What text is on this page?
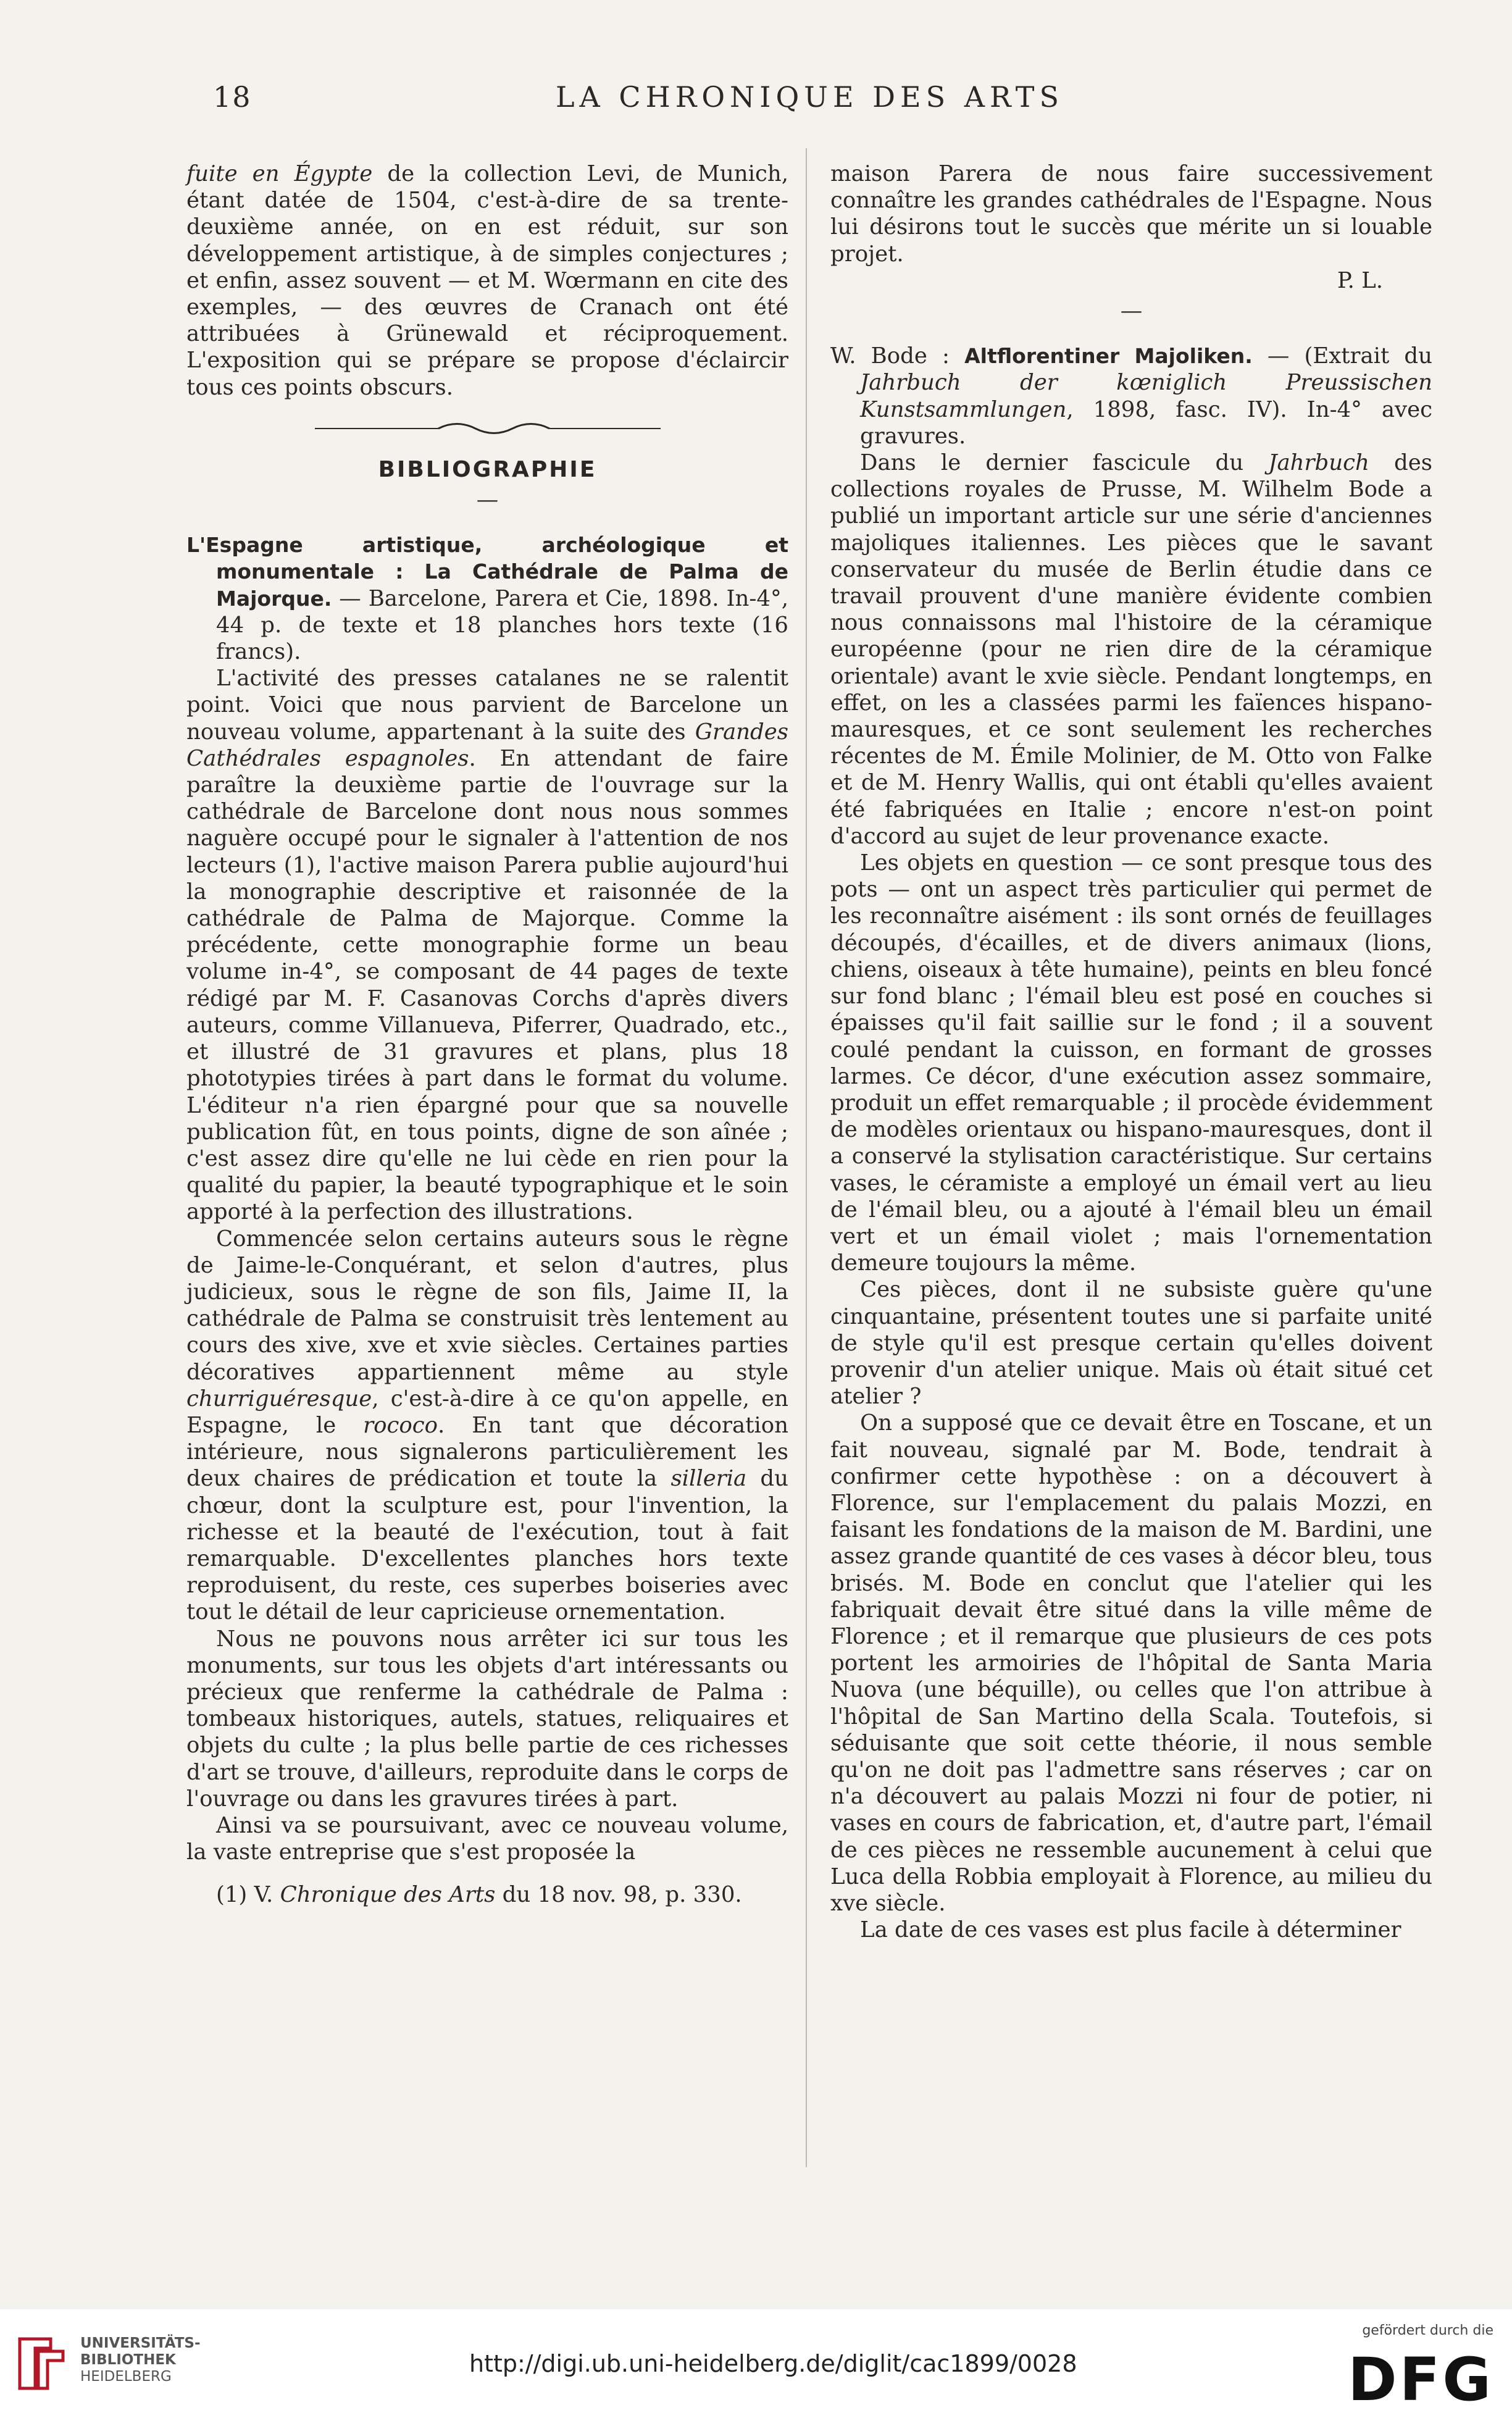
18	LA CHRONIQUE DES ARTS

fuite en Égypte de la collection Levi, de Munich, étant datée de 1504, c'est-à-dire de sa trente-deuxième année, on en est réduit, sur son développement artistique, à de simples conjectures ; et enfin, assez souvent — et M. Wœrmann en cite des exemples, — des œuvres de Cranach ont été attribuées à Grünewald et réciproquement. L'exposition qui se prépare se propose d'éclaircir tous ces points obscurs.

BIBLIOGRAPHIE
—

L'Espagne artistique, archéologique et monumentale : La Cathédrale de Palma de Majorque. — Barcelone, Parera et Cie, 1898. In-4°, 44 p. de texte et 18 planches hors texte (16 francs).

L'activité des presses catalanes ne se ralentit point. Voici que nous parvient de Barcelone un nouveau volume, appartenant à la suite des Grandes Cathédrales espagnoles. En attendant de faire paraître la deuxième partie de l'ouvrage sur la cathédrale de Barcelone dont nous nous sommes naguère occupé pour le signaler à l'attention de nos lecteurs (1), l'active maison Parera publie aujourd'hui la monographie descriptive et raisonnée de la cathédrale de Palma de Majorque. Comme la précédente, cette monographie forme un beau volume in-4°, se composant de 44 pages de texte rédigé par M. F. Casanovas Corchs d'après divers auteurs, comme Villanueva, Piferrer, Quadrado, etc., et illustré de 31 gravures et plans, plus 18 phototypies tirées à part dans le format du volume. L'éditeur n'a rien épargné pour que sa nouvelle publication fût, en tous points, digne de son aînée ; c'est assez dire qu'elle ne lui cède en rien pour la qualité du papier, la beauté typographique et le soin apporté à la perfection des illustrations.

Commencée selon certains auteurs sous le règne de Jaime-le-Conquérant, et selon d'autres, plus judicieux, sous le règne de son fils, Jaime II, la cathédrale de Palma se construisit très lentement au cours des xive, xve et xvie siècles. Certaines parties décoratives appartiennent même au style churriguéresque, c'est-à-dire à ce qu'on appelle, en Espagne, le rococo. En tant que décoration intérieure, nous signalerons particulièrement les deux chaires de prédication et toute la silleria du chœur, dont la sculpture est, pour l'invention, la richesse et la beauté de l'exécution, tout à fait remarquable. D'excellentes planches hors texte reproduisent, du reste, ces superbes boiseries avec tout le détail de leur capricieuse ornementation.

Nous ne pouvons nous arrêter ici sur tous les monuments, sur tous les objets d'art intéressants ou précieux que renferme la cathédrale de Palma : tombeaux historiques, autels, statues, reliquaires et objets du culte ; la plus belle partie de ces richesses d'art se trouve, d'ailleurs, reproduite dans le corps de l'ouvrage ou dans les gravures tirées à part.

Ainsi va se poursuivant, avec ce nouveau volume, la vaste entreprise que s'est proposée la

(1) V. Chronique des Arts du 18 nov. 98, p. 330.

maison Parera de nous faire successivement connaître les grandes cathédrales de l'Espagne. Nous lui désirons tout le succès que mérite un si louable projet.

P. L.

—

W. Bode : Altflorentiner Majoliken. — (Extrait du Jahrbuch der kœniglich Preussischen Kunstsammlungen, 1898, fasc. IV). In-4° avec gravures.

Dans le dernier fascicule du Jahrbuch des collections royales de Prusse, M. Wilhelm Bode a publié un important article sur une série d'anciennes majoliques italiennes. Les pièces que le savant conservateur du musée de Berlin étudie dans ce travail prouvent d'une manière évidente combien nous connaissons mal l'histoire de la céramique européenne (pour ne rien dire de la céramique orientale) avant le xvie siècle. Pendant longtemps, en effet, on les a classées parmi les faïences hispano-mauresques, et ce sont seulement les recherches récentes de M. Émile Molinier, de M. Otto von Falke et de M. Henry Wallis, qui ont établi qu'elles avaient été fabriquées en Italie ; encore n'est-on point d'accord au sujet de leur provenance exacte.

Les objets en question — ce sont presque tous des pots — ont un aspect très particulier qui permet de les reconnaître aisément : ils sont ornés de feuillages découpés, d'écailles, et de divers animaux (lions, chiens, oiseaux à tête humaine), peints en bleu foncé sur fond blanc ; l'émail bleu est posé en couches si épaisses qu'il fait saillie sur le fond ; il a souvent coulé pendant la cuisson, en formant de grosses larmes. Ce décor, d'une exécution assez sommaire, produit un effet remarquable ; il procède évidemment de modèles orientaux ou hispano-mauresques, dont il a conservé la stylisation caractéristique. Sur certains vases, le céramiste a employé un émail vert au lieu de l'émail bleu, ou a ajouté à l'émail bleu un émail vert et un émail violet ; mais l'ornementation demeure toujours la même.

Ces pièces, dont il ne subsiste guère qu'une cinquantaine, présentent toutes une si parfaite unité de style qu'il est presque certain qu'elles doivent provenir d'un atelier unique. Mais où était situé cet atelier ?

On a supposé que ce devait être en Toscane, et un fait nouveau, signalé par M. Bode, tendrait à confirmer cette hypothèse : on a découvert à Florence, sur l'emplacement du palais Mozzi, en faisant les fondations de la maison de M. Bardini, une assez grande quantité de ces vases à décor bleu, tous brisés. M. Bode en conclut que l'atelier qui les fabriquait devait être situé dans la ville même de Florence ; et il remarque que plusieurs de ces pots portent les armoiries de l'hôpital de Santa Maria Nuova (une béquille), ou celles que l'on attribue à l'hôpital de San Martino della Scala. Toutefois, si séduisante que soit cette théorie, il nous semble qu'on ne doit pas l'admettre sans réserves ; car on n'a découvert au palais Mozzi ni four de potier, ni vases en cours de fabrication, et, d'autre part, l'émail de ces pièces ne ressemble aucunement à celui que Luca della Robbia employait à Florence, au milieu du xve siècle.

La date de ces vases est plus facile à déterminer

UNIVERSITÄTS-
BIBLIOTHEK
HEIDELBERG	http://digi.ub.uni-heidelberg.de/diglit/cac1899/0028
gefördert durch die
DFG
